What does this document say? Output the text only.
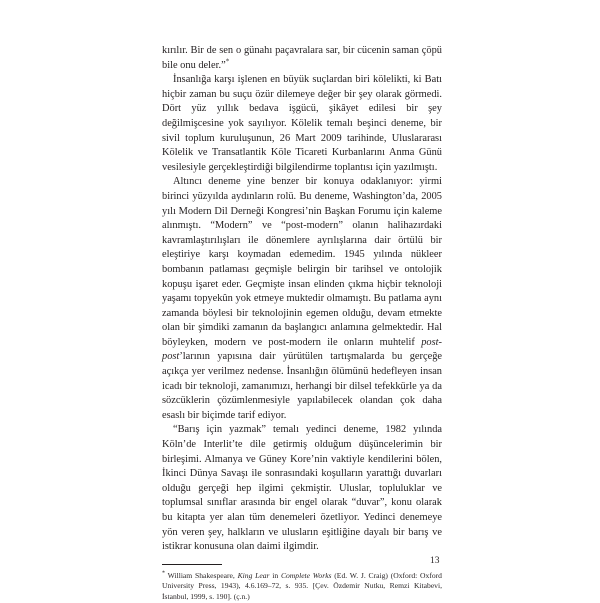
kırılır. Bir de sen o günahı paçavralara sar, bir cücenin saman çöpü bile onu deler.”*

İnsanlığa karşı işlenen en büyük suçlardan biri kölelikti, ki Batı hiçbir zaman bu suçu özür dilemeye değer bir şey olarak görmedi. Dört yüz yıllık bedava işgücü, şikâyet edilesi bir şey değilmişcesine yok sayılıyor. Kölelik temalı beşinci deneme, bir sivil toplum kuruluşunun, 26 Mart 2009 tarihinde, Uluslararası Kölelik ve Transatlantik Köle Ticareti Kurbanlarını Anma Günü vesilesiyle gerçekleştirdiği bilgilendirme toplantısı için yazılmıştı.

Altıncı deneme yine benzer bir konuya odaklanıyor: yirmi birinci yüzyılda aydınların rolü. Bu deneme, Washington’da, 2005 yılı Modern Dil Derneği Kongresi’nin Başkan Forumu için kaleme alınmıştı. “Modern” ve “post-modern” olanın halihazırdaki kavramlaştırılışları ile dönemlere ayrılışlarına dair örtülü bir eleştiriye karşı koymadan edemedim. 1945 yılında nükleer bombanın patlaması geçmişle belirgin bir tarihsel ve ontolojik kopuşu işaret eder. Geçmişte insan elinden çıkma hiçbir teknoloji yaşamı topyekûn yok etmeye muktedir olmamıştı. Bu patlama aynı zamanda böylesi bir teknolojinin egemen olduğu, devam etmekte olan bir şimdiki zamanın da başlangıcı anlamına gelmektedir. Hal böyleyken, modern ve post-modern ile onların muhtelif post-post’larının yapısına dair yürütülen tartışmalarda bu gerçeğe açıkça yer verilmez nedense. İnsanlığın ölümünü hedefleyen insan icadı bir teknoloji, zamanımızı, herhangi bir dilsel tefekkürle ya da sözcüklerin çözümlenmesiyle yapılabilecek olandan çok daha esaslı bir biçimde tarif ediyor.

“Barış için yazmak” temalı yedinci deneme, 1982 yılında Köln’de Interlit’te dile getirmiş olduğum düşüncelerimin bir birleşimi. Almanya ve Güney Kore’nin vaktiyle kendilerini bölen, İkinci Dünya Savaşı ile sonrasındaki koşulların yarattığı duvarları olduğu gerçeği hep ilgimi çekmiştir. Uluslar, topluluklar ve toplumsal sınıflar arasında bir engel olarak “duvar”, konu olarak bu kitapta yer alan tüm denemeleri özetliyor. Yedinci denemeye yön veren şey, halkların ve ulusların eşitliğine dayalı bir barış ve istikrar konusuna olan daimi ilgimdir.

* William Shakespeare, King Lear in Complete Works (Ed. W. J. Craig) (Oxford: Oxford University Press, 1943), 4.6.169–72, s. 935. [Çev. Özdemir Nutku, Remzi Kitabevi, İstanbul, 1999, s. 190]. (ç.n.)

13
